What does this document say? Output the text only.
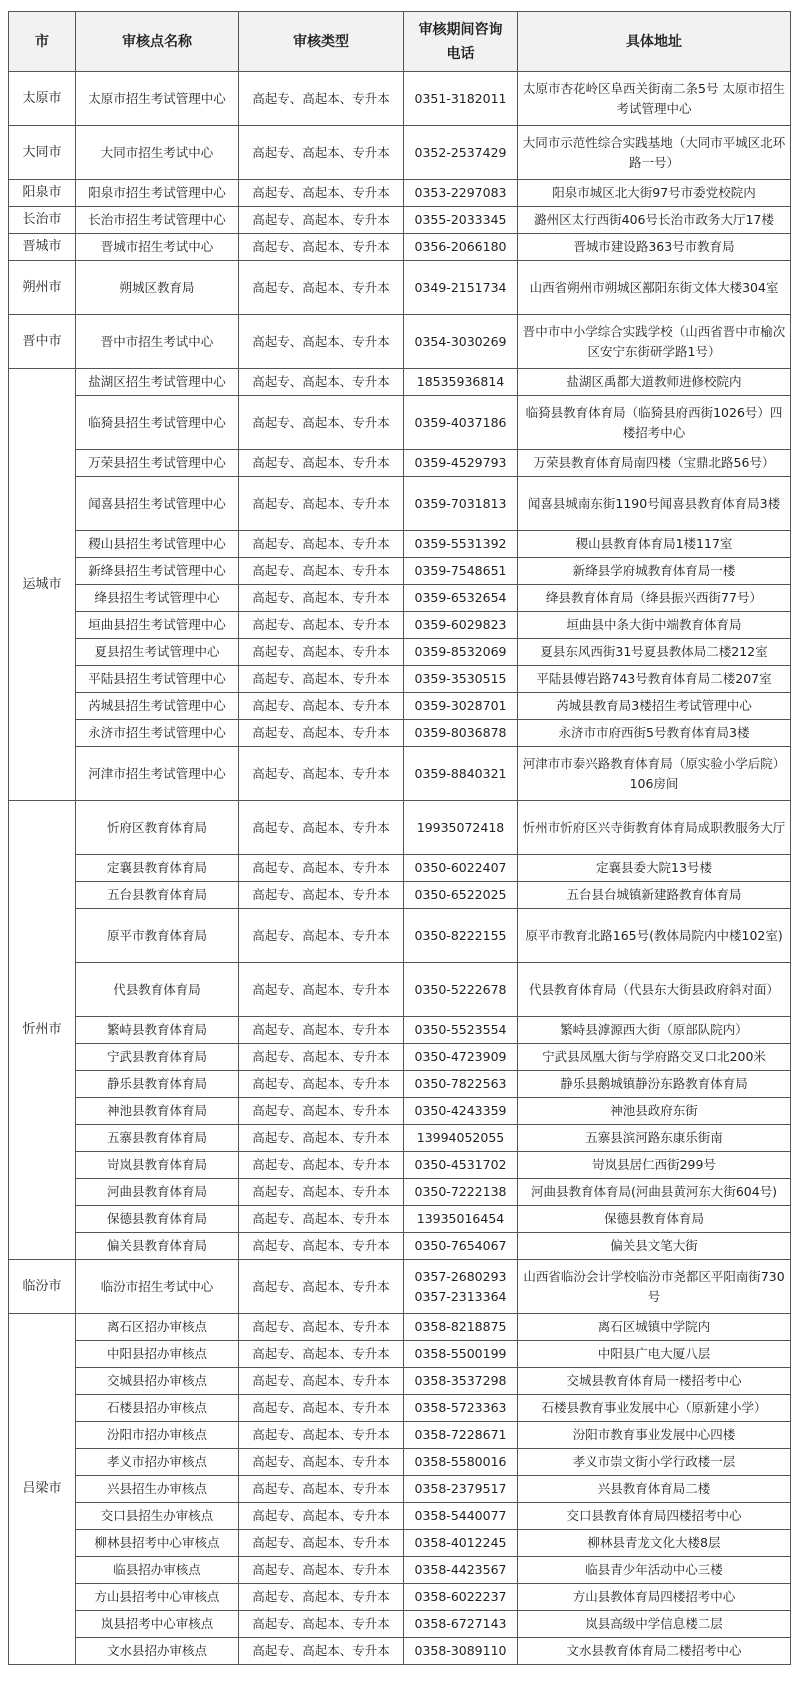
市	审核点名称	审核类型	审核期间咨询电话	具体地址
太原市	太原市招生考试管理中心	高起专、高起本、专升本	0351-3182011	太原市杏花岭区阜西关街南二条5号 太原市招生考试管理中心
大同市	大同市招生考试中心	高起专、高起本、专升本	0352-2537429	大同市示范性综合实践基地（大同市平城区北环路一号）
阳泉市	阳泉市招生考试管理中心	高起专、高起本、专升本	0353-2297083	阳泉市城区北大街97号市委党校院内
长治市	长治市招生考试管理中心	高起专、高起本、专升本	0355-2033345	潞州区太行西街406号长治市政务大厅17楼
晋城市	晋城市招生考试中心	高起专、高起本、专升本	0356-2066180	晋城市建设路363号市教育局
朔州市	朔城区教育局	高起专、高起本、专升本	0349-2151734	山西省朔州市朔城区鄯阳东街文体大楼304室
晋中市	晋中市招生考试中心	高起专、高起本、专升本	0354-3030269	晋中市中小学综合实践学校（山西省晋中市榆次区安宁东街研学路1号）
运城市	盐湖区招生考试管理中心	高起专、高起本、专升本	18535936814	盐湖区禹都大道教师进修校院内
	临猗县招生考试管理中心	高起专、高起本、专升本	0359-4037186	临猗县教育体育局（临猗县府西街1026号）四楼招考中心
	万荣县招生考试管理中心	高起专、高起本、专升本	0359-4529793	万荣县教育体育局南四楼（宝鼎北路56号）
	闻喜县招生考试管理中心	高起专、高起本、专升本	0359-7031813	闻喜县城南东街1190号闻喜县教育体育局3楼
	稷山县招生考试管理中心	高起专、高起本、专升本	0359-5531392	稷山县教育体育局1楼117室
	新绛县招生考试管理中心	高起专、高起本、专升本	0359-7548651	新绛县学府城教育体育局一楼
	绛县招生考试管理中心	高起专、高起本、专升本	0359-6532654	绛县教育体育局（绛县振兴西街77号）
	垣曲县招生考试管理中心	高起专、高起本、专升本	0359-6029823	垣曲县中条大街中端教育体育局
	夏县招生考试管理中心	高起专、高起本、专升本	0359-8532069	夏县东风西街31号夏县教体局二楼212室
	平陆县招生考试管理中心	高起专、高起本、专升本	0359-3530515	平陆县傅岩路743号教育体育局二楼207室
	芮城县招生考试管理中心	高起专、高起本、专升本	0359-3028701	芮城县教育局3楼招生考试管理中心
	永济市招生考试管理中心	高起专、高起本、专升本	0359-8036878	永济市市府西街5号教育体育局3楼
	河津市招生考试管理中心	高起专、高起本、专升本	0359-8840321	河津市市泰兴路教育体育局（原实验小学后院）106房间
忻州市	忻府区教育体育局	高起专、高起本、专升本	19935072418	忻州市忻府区兴寺街教育体育局成职教服务大厅
	定襄县教育体育局	高起专、高起本、专升本	0350-6022407	定襄县委大院13号楼
	五台县教育体育局	高起专、高起本、专升本	0350-6522025	五台县台城镇新建路教育体育局
	原平市教育体育局	高起专、高起本、专升本	0350-8222155	原平市教育北路165号(教体局院内中楼102室)
	代县教育体育局	高起专、高起本、专升本	0350-5222678	代县教育体育局（代县东大街县政府斜对面）
	繁峙县教育体育局	高起专、高起本、专升本	0350-5523554	繁峙县滹源西大街（原部队院内）
	宁武县教育体育局	高起专、高起本、专升本	0350-4723909	宁武县凤凰大街与学府路交叉口北200米
	静乐县教育体育局	高起专、高起本、专升本	0350-7822563	静乐县鹅城镇静汾东路教育体育局
	神池县教育体育局	高起专、高起本、专升本	0350-4243359	神池县政府东街
	五寨县教育体育局	高起专、高起本、专升本	13994052055	五寨县滨河路东康乐街南
	岢岚县教育体育局	高起专、高起本、专升本	0350-4531702	岢岚县居仁西街299号
	河曲县教育体育局	高起专、高起本、专升本	0350-7222138	河曲县教育体育局(河曲县黄河东大街604号)
	保德县教育体育局	高起专、高起本、专升本	13935016454	保德县教育体育局
	偏关县教育体育局	高起专、高起本、专升本	0350-7654067	偏关县文笔大街
临汾市	临汾市招生考试中心	高起专、高起本、专升本	0357-2680293 0357-2313364	山西省临汾会计学校临汾市尧都区平阳南街730号
吕梁市	离石区招办审核点	高起专、高起本、专升本	0358-8218875	离石区城镇中学院内
	中阳县招办审核点	高起专、高起本、专升本	0358-5500199	中阳县广电大厦八层
	交城县招办审核点	高起专、高起本、专升本	0358-3537298	交城县教育体育局一楼招考中心
	石楼县招办审核点	高起专、高起本、专升本	0358-5723363	石楼县教育事业发展中心（原新建小学）
	汾阳市招办审核点	高起专、高起本、专升本	0358-7228671	汾阳市教育事业发展中心四楼
	孝义市招办审核点	高起专、高起本、专升本	0358-5580016	孝义市崇文街小学行政楼一层
	兴县招生办审核点	高起专、高起本、专升本	0358-2379517	兴县教育体育局二楼
	交口县招生办审核点	高起专、高起本、专升本	0358-5440077	交口县教育体育局四楼招考中心
	柳林县招考中心审核点	高起专、高起本、专升本	0358-4012245	柳林县青龙文化大楼8层
	临县招办审核点	高起专、高起本、专升本	0358-4423567	临县青少年活动中心三楼
	方山县招考中心审核点	高起专、高起本、专升本	0358-6022237	方山县教体育局四楼招考中心
	岚县招考中心审核点	高起专、高起本、专升本	0358-6727143	岚县高级中学信息楼二层
	文水县招办审核点	高起专、高起本、专升本	0358-3089110	文水县教育体育局二楼招考中心
